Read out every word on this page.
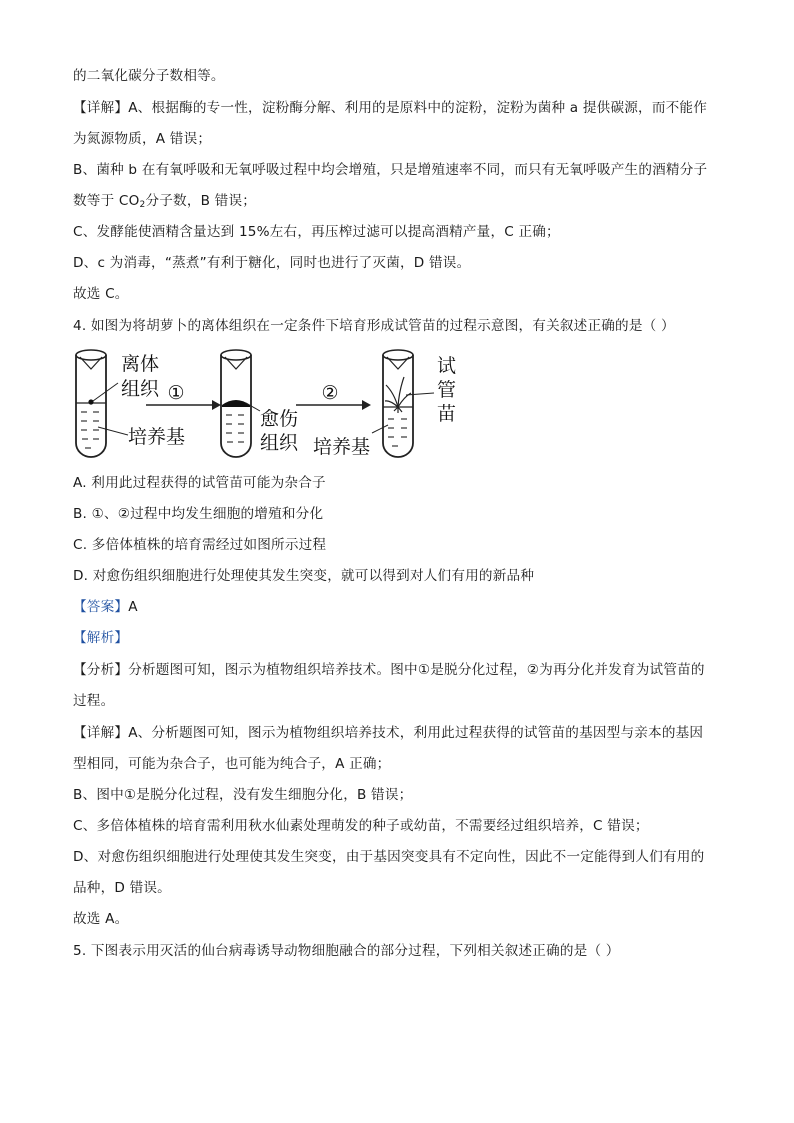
的二氧化碳分子数相等。
【详解】A、根据酶的专一性，淀粉酶分解、利用的是原料中的淀粉，淀粉为菌种 a 提供碳源，而不能作
为氮源物质，A 错误；
B、菌种 b 在有氧呼吸和无氧呼吸过程中均会增殖，只是增殖速率不同，而只有无氧呼吸产生的酒精分子
数等于 $CO_2$分子数，B 错误；
C、发酵能使酒精含量达到 15%左右，再压榨过滤可以提高酒精产量，C 正确；
D、c 为消毒，“蒸煮”有利于糖化，同时也进行了灭菌，D 错误。
故选 C。
4. 如图为将胡萝卜的离体组织在一定条件下培育形成试管苗的过程示意图，有关叙述正确的是（ ）
离体
组织
培养基
①
愈伤
组织
②
培养基
试
管
苗
A. 利用此过程获得的试管苗可能为杂合子
B. ①、②过程中均发生细胞的增殖和分化
C. 多倍体植株的培育需经过如图所示过程
D. 对愈伤组织细胞进行处理使其发生突变，就可以得到对人们有用的新品种
【答案】A
【解析】
【分析】分析题图可知，图示为植物组织培养技术。图中①是脱分化过程，②为再分化并发育为试管苗的
过程。
【详解】A、分析题图可知，图示为植物组织培养技术，利用此过程获得的试管苗的基因型与亲本的基因
型相同，可能为杂合子，也可能为纯合子，A 正确；
B、图中①是脱分化过程，没有发生细胞分化，B 错误；
C、多倍体植株的培育需利用秋水仙素处理萌发的种子或幼苗，不需要经过组织培养，C 错误；
D、对愈伤组织细胞进行处理使其发生突变，由于基因突变具有不定向性，因此不一定能得到人们有用的
品种，D 错误。
故选 A。
5. 下图表示用灭活的仙台病毒诱导动物细胞融合的部分过程，下列相关叙述正确的是（ ）
